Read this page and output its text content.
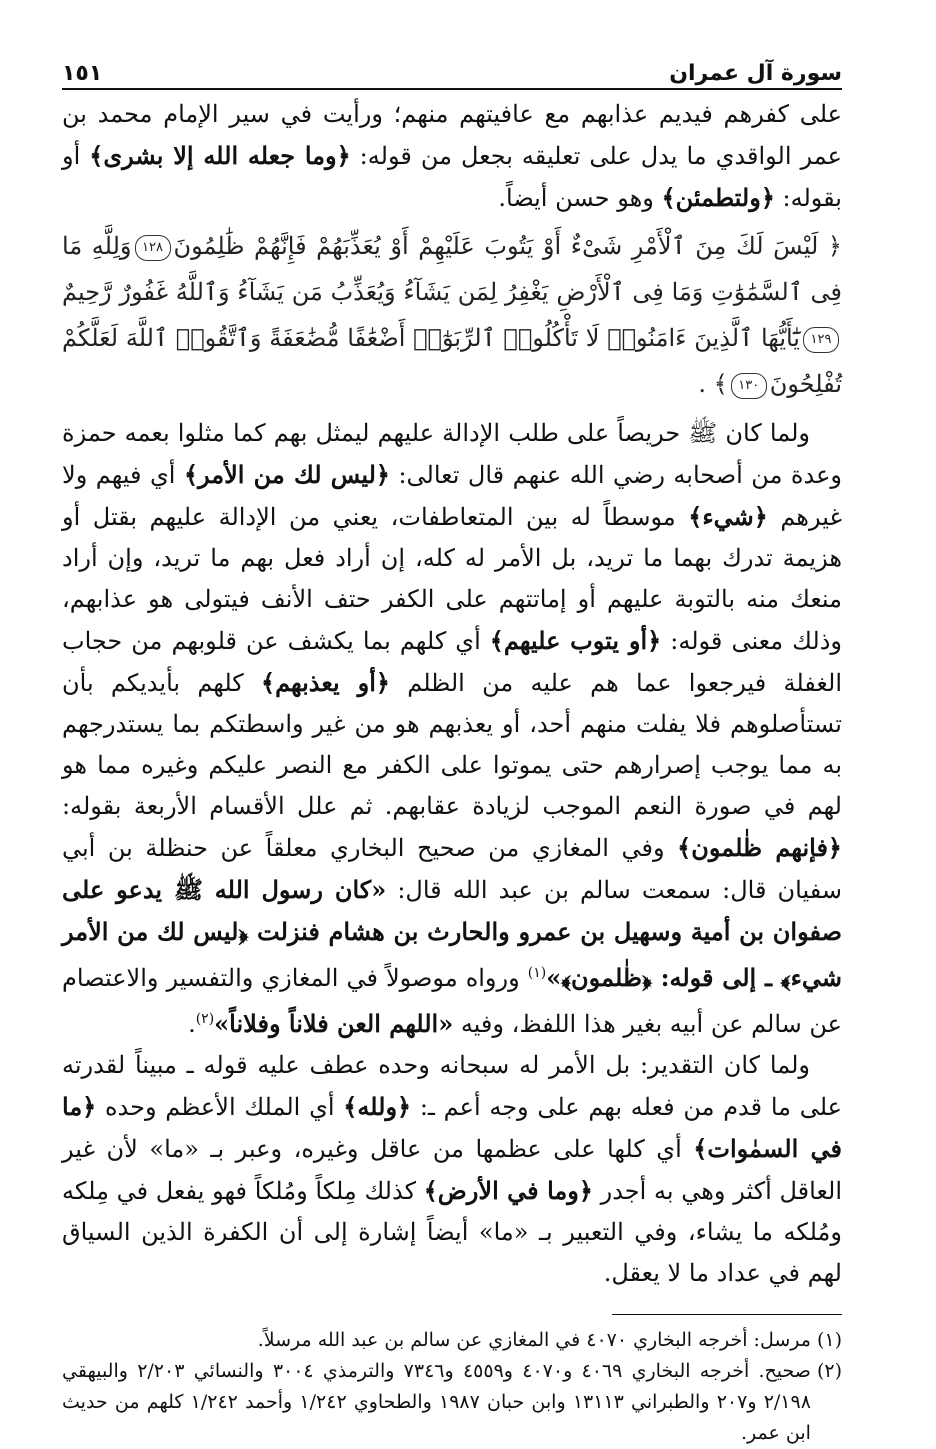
سورة آل عمران
١٥١

على كفرهم فيديم عذابهم مع عافيتهم منهم؛ ورأيت في سير الإمام محمد بن عمر الواقدي ما يدل على تعليقه بجعل من قوله: ﴿وما جعله الله إلا بشرى﴾ أو بقوله: ﴿ولتطمئن﴾ وهو حسن أيضاً.

﴿ لَيْسَ لَكَ مِنَ ٱلْأَمْرِ شَىْءٌ أَوْ يَتُوبَ عَلَيْهِمْ أَوْ يُعَذِّبَهُمْ فَإِنَّهُمْ ظَٰلِمُونَ١٢٨وَلِلَّهِ مَا فِى ٱلسَّمَٰوَٰتِ وَمَا فِى ٱلْأَرْضِ يَغْفِرُ لِمَن يَشَآءُ وَيُعَذِّبُ مَن يَشَآءُ وَٱللَّهُ غَفُورٌ رَّحِيمٌ١٢٩يَٰٓأَيُّهَا ٱلَّذِينَ ءَامَنُوا۟ لَا تَأْكُلُوا۟ ٱلرِّبَوٰٓا۟ أَضْعَٰفًا مُّضَٰعَفَةً وَٱتَّقُوا۟ ٱللَّهَ لَعَلَّكُمْ تُفْلِحُونَ١٣٠﴾ .

ولما كان ﷺ حريصاً على طلب الإدالة عليهم ليمثل بهم كما مثلوا بعمه حمزة وعدة من أصحابه رضي الله عنهم قال تعالى: ﴿ليس لك من الأمر﴾ أي فيهم ولا غيرهم ﴿شيء﴾ موسطاً له بين المتعاطفات، يعني من الإدالة عليهم بقتل أو هزيمة تدرك بهما ما تريد، بل الأمر له كله، إن أراد فعل بهم ما تريد، وإن أراد منعك منه بالتوبة عليهم أو إماتتهم على الكفر حتف الأنف فيتولى هو عذابهم، وذلك معنى قوله: ﴿أو يتوب عليهم﴾ أي كلهم بما يكشف عن قلوبهم من حجاب الغفلة فيرجعوا عما هم عليه من الظلم ﴿أو يعذبهم﴾ كلهم بأيديكم بأن تستأصلوهم فلا يفلت منهم أحد، أو يعذبهم هو من غير واسطتكم بما يستدرجهم به مما يوجب إصرارهم حتى يموتوا على الكفر مع النصر عليكم وغيره مما هو لهم في صورة النعم الموجب لزيادة عقابهم. ثم علل الأقسام الأربعة بقوله: ﴿فإنهم ظٰلمون﴾ وفي المغازي من صحيح البخاري معلقاً عن حنظلة بن أبي سفيان قال: سمعت سالم بن عبد الله قال: «كان رسول الله ﷺ يدعو على صفوان بن أمية وسهيل بن عمرو والحارث بن هشام فنزلت ﴿ليس لك من الأمر شيء﴾ ـ إلى قوله: ﴿ظٰلمون﴾»$^{(١)}$ ورواه موصولاً في المغازي والتفسير والاعتصام عن سالم عن أبيه بغير هذا اللفظ، وفيه «اللهم العن فلاناً وفلاناً»$^{(٢)}$.

ولما كان التقدير: بل الأمر له سبحانه وحده عطف عليه قوله ـ مبيناً لقدرته على ما قدم من فعله بهم على وجه أعم ـ: ﴿ولله﴾ أي الملك الأعظم وحده ﴿ما في السمٰوات﴾ أي كلها على عظمها من عاقل وغيره، وعبر بـ «ما» لأن غير العاقل أكثر وهي به أجدر ﴿وما في الأرض﴾ كذلك مِلكاً ومُلكاً فهو يفعل في مِلكه ومُلكه ما يشاء، وفي التعبير بـ «ما» أيضاً إشارة إلى أن الكفرة الذين السياق لهم في عداد ما لا يعقل.

(١)
مرسل: أخرجه البخاري ٤٠٧٠ في المغازي عن سالم بن عبد الله مرسلاً.
(٢)
صحيح. أخرجه البخاري ٤٠٦٩ و٤٠٧٠ و٤٥٥٩ و٧٣٤٦ والترمذي ٣٠٠٤ والنسائي ٢/٢٠٣ والبيهقي ٢/١٩٨ و٢٠٧ والطبراني ١٣١١٣ وابن حبان ١٩٨٧ والطحاوي ١/٢٤٢ وأحمد ١/٢٤٢ كلهم من حديث ابن عمر.
